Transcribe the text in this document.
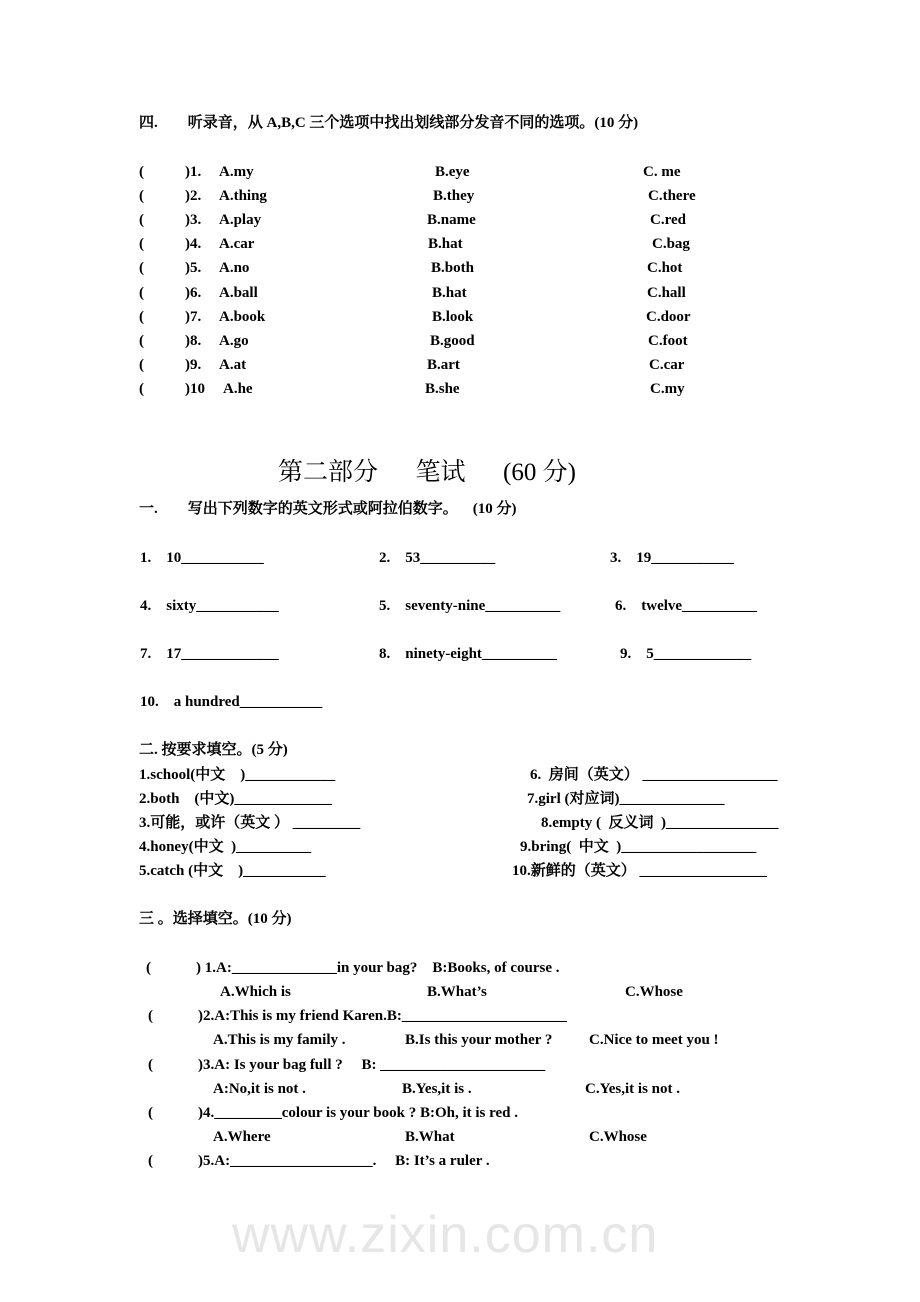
www.zixin.com.cn
四.        听录音，从 A,B,C 三个选项中找出划线部分发音不同的选项。(10 分)
(	)1. A.my	B.eye	C. me
(	)2. A.thing	B.they	C.there
(	)3. A.play	B.name	C.red
(	)4. A.car	B.hat	C.bag
(	)5. A.no	B.both	C.hot
(	)6. A.ball	B.hat	C.hall
(	)7. A.book	B.look	C.door
(	)8. A.go	B.good	C.foot
(	)9. A.at	B.art	C.car
(	)10 A.he	B.she	C.my
第二部分      笔试      (60 分)
一.        写出下列数字的英文形式或阿拉伯数字。    (10 分)
1.    10___________	2.    53__________	3.    19___________
4.    sixty___________	5.    seventy-nine__________	6.    twelve__________
7.    17_____________	8.    ninety-eight__________	9.    5_____________
10.    a hundred___________
二. 按要求填空。(5 分)
1.school(中文    )____________
2.both    (中文)_____________
3.可能，或许（英文 ） _________
4.honey(中文  )__________
5.catch (中文    )___________
6.  房间（英文） __________________
7.girl (对应词)______________
8.empty (  反义词  )_______________
9.bring(  中文  )__________________
10.新鲜的（英文） _________________
三 。选择填空。(10 分)
(            ) 1.A:______________in your bag?    B:Books, of course .
A.Which is	B.What’s	C.Whose
(            )2.A:This is my friend Karen.B:______________________
A.This is my family .	B.Is this your mother ? C.Nice to meet you !
(            )3.A: Is your bag full ?     B: ______________________
A:No,it is not .	B.Yes,it is .	C.Yes,it is not .
(            )4._________colour is your book ? B:Oh, it is red .
A.Where	B.What	C.Whose
(            )5.A:___________________.     B: It’s a ruler .
